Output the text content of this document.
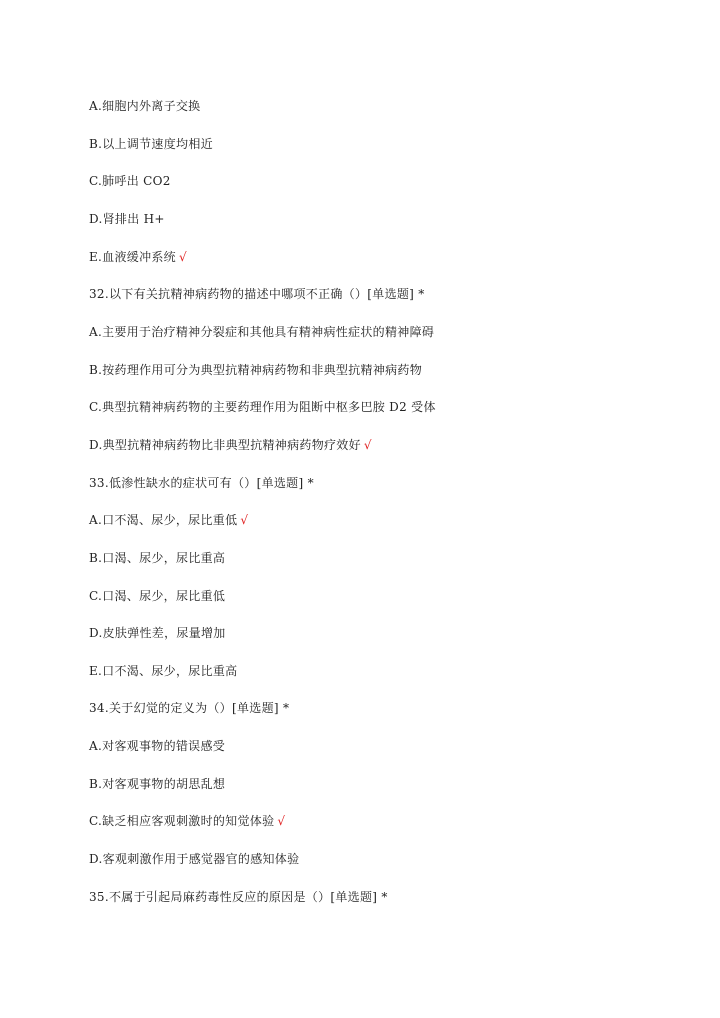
A.细胞内外离子交换
B.以上调节速度均相近
C.肺呼出 CO2
D.肾排出 H+
E.血液缓冲系统 √
32.以下有关抗精神病药物的描述中哪项不正确（）[单选题] *
A.主要用于治疗精神分裂症和其他具有精神病性症状的精神障碍
B.按药理作用可分为典型抗精神病药物和非典型抗精神病药物
C.典型抗精神病药物的主要药理作用为阻断中枢多巴胺 D2 受体
D.典型抗精神病药物比非典型抗精神病药物疗效好 √
33.低渗性缺水的症状可有（）[单选题] *
A.口不渴、尿少，尿比重低 √
B.口渴、尿少，尿比重高
C.口渴、尿少，尿比重低
D.皮肤弹性差，尿量增加
E.口不渴、尿少，尿比重高
34.关于幻觉的定义为（）[单选题] *
A.对客观事物的错误感受
B.对客观事物的胡思乱想
C.缺乏相应客观刺激时的知觉体验 √
D.客观刺激作用于感觉器官的感知体验
35.不属于引起局麻药毒性反应的原因是（）[单选题] *
